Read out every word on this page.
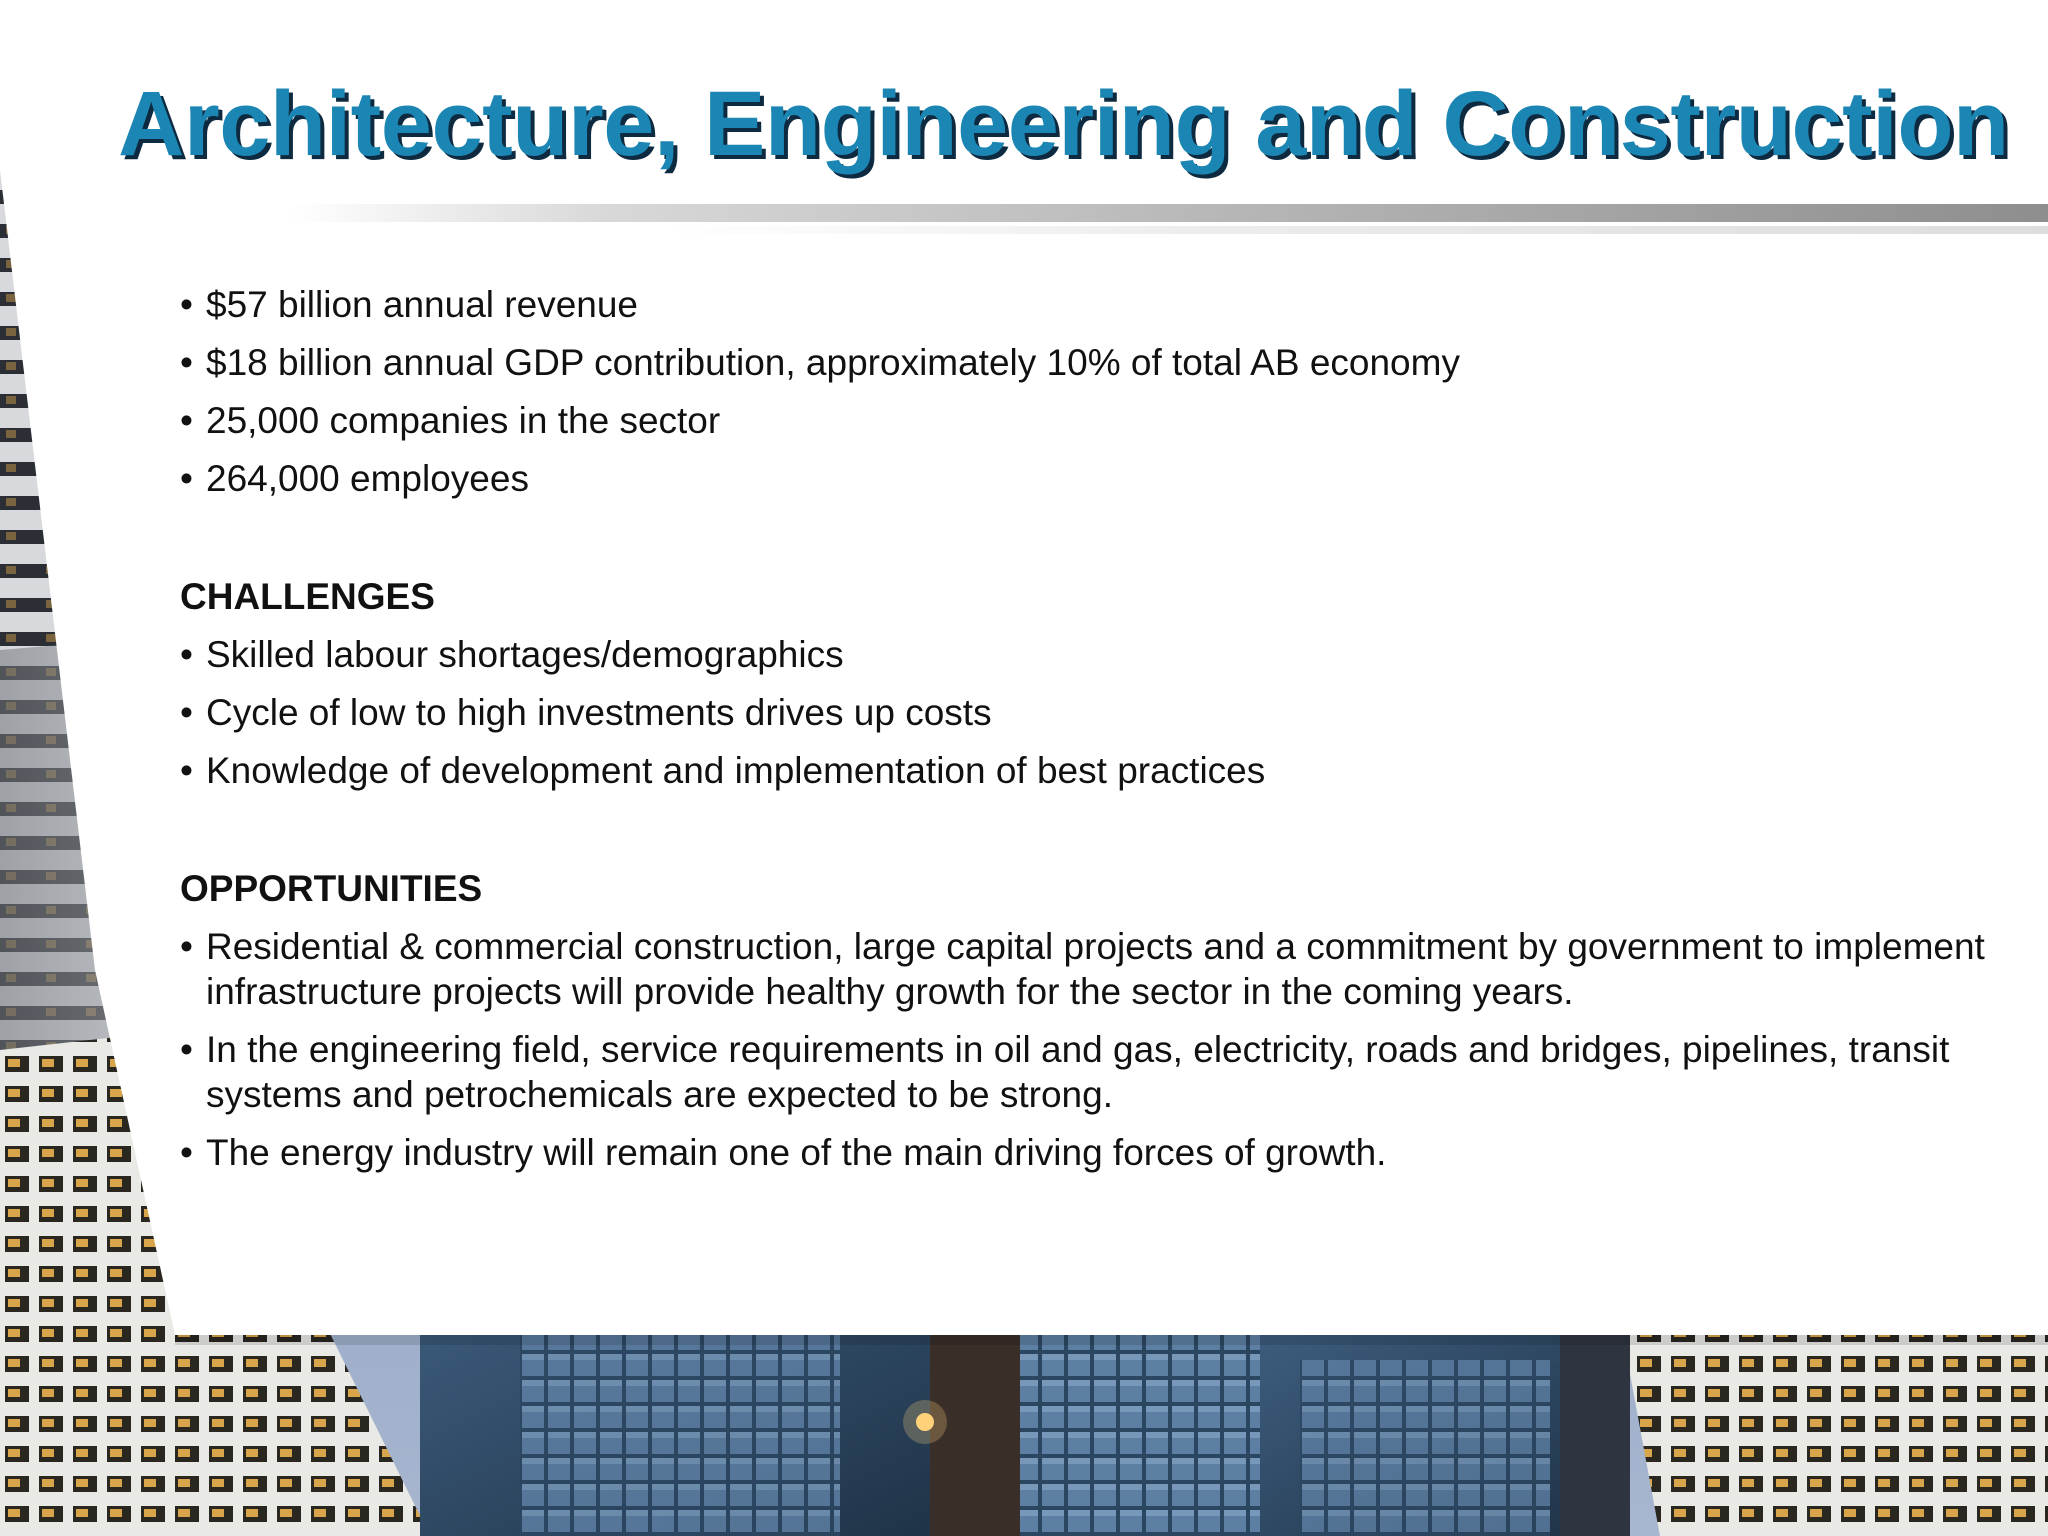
Architecture, Engineering and Construction
• $57 billion annual revenue
• $18 billion annual GDP contribution, approximately 10% of total AB economy
• 25,000 companies in the sector
• 264,000 employees
CHALLENGES
• Skilled labour shortages/demographics
• Cycle of low to high investments drives up costs
• Knowledge of development and implementation of best practices
OPPORTUNITIES
• Residential & commercial construction, large capital projects and a commitment by government to implement infrastructure projects will provide healthy growth for the sector in the coming years.
• In the engineering field, service requirements in oil and gas, electricity, roads and bridges, pipelines, transit systems and petrochemicals are expected to be strong.
• The energy industry will remain one of the main driving forces of growth.
